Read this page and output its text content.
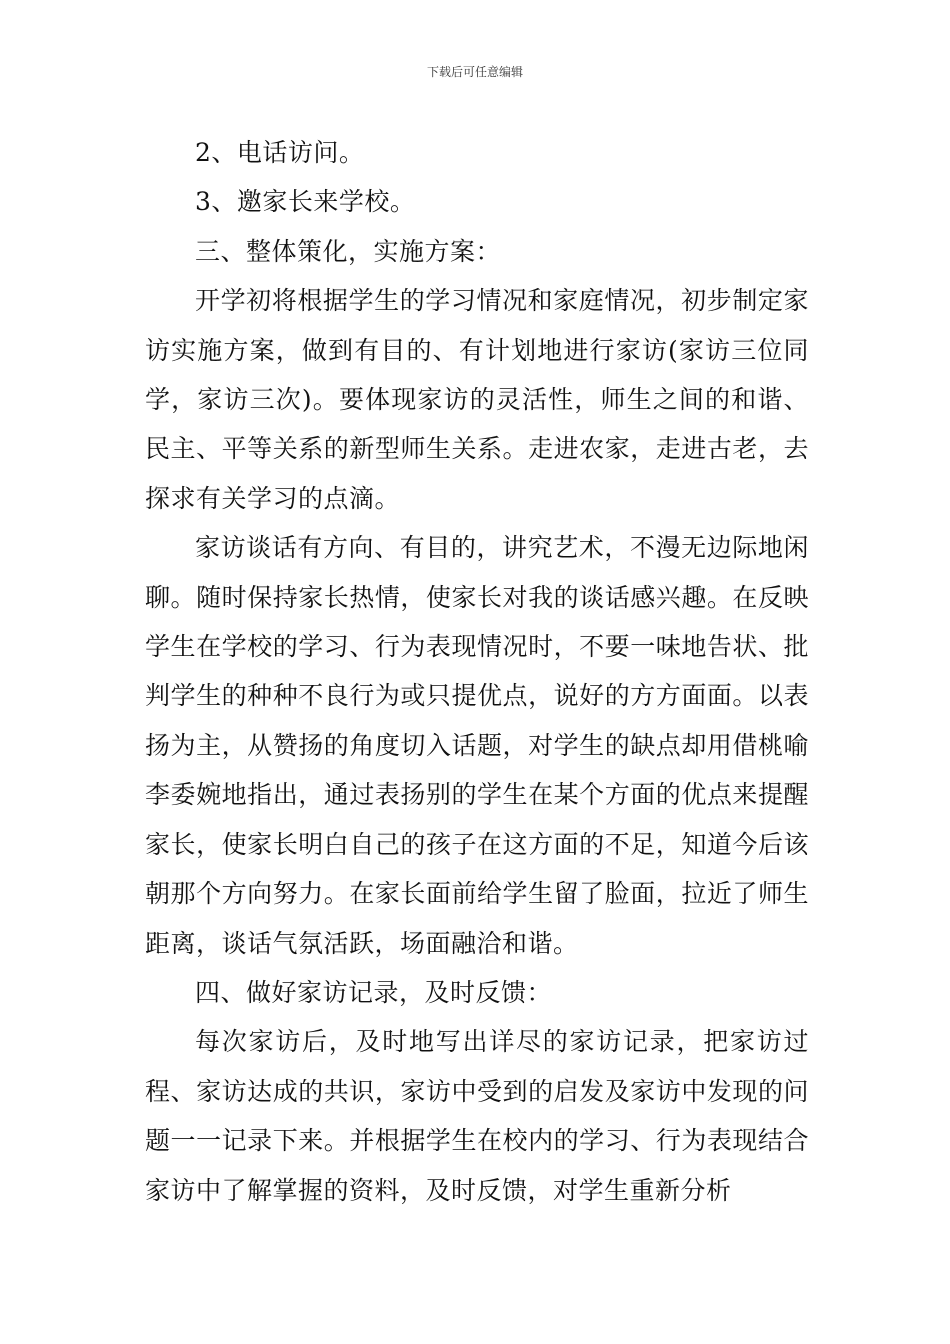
下载后可任意编辑

2、电话访问。

3、邀家长来学校。

三、整体策化，实施方案：

开学初将根据学生的学习情况和家庭情况，初步制定家访实施方案，做到有目的、有计划地进行家访(家访三位同学，家访三次)。要体现家访的灵活性，师生之间的和谐、民主、平等关系的新型师生关系。走进农家，走进古老，去探求有关学习的点滴。

家访谈话有方向、有目的，讲究艺术，不漫无边际地闲聊。随时保持家长热情，使家长对我的谈话感兴趣。在反映学生在学校的学习、行为表现情况时，不要一味地告状、批判学生的种种不良行为或只提优点，说好的方方面面。以表扬为主，从赞扬的角度切入话题，对学生的缺点却用借桃喻李委婉地指出，通过表扬别的学生在某个方面的优点来提醒家长，使家长明白自己的孩子在这方面的不足，知道今后该朝那个方向努力。在家长面前给学生留了脸面，拉近了师生距离，谈话气氛活跃，场面融洽和谐。

四、做好家访记录，及时反馈：

每次家访后，及时地写出详尽的家访记录，把家访过程、家访达成的共识，家访中受到的启发及家访中发现的问题一一记录下来。并根据学生在校内的学习、行为表现结合家访中了解掌握的资料，及时反馈，对学生重新分析
